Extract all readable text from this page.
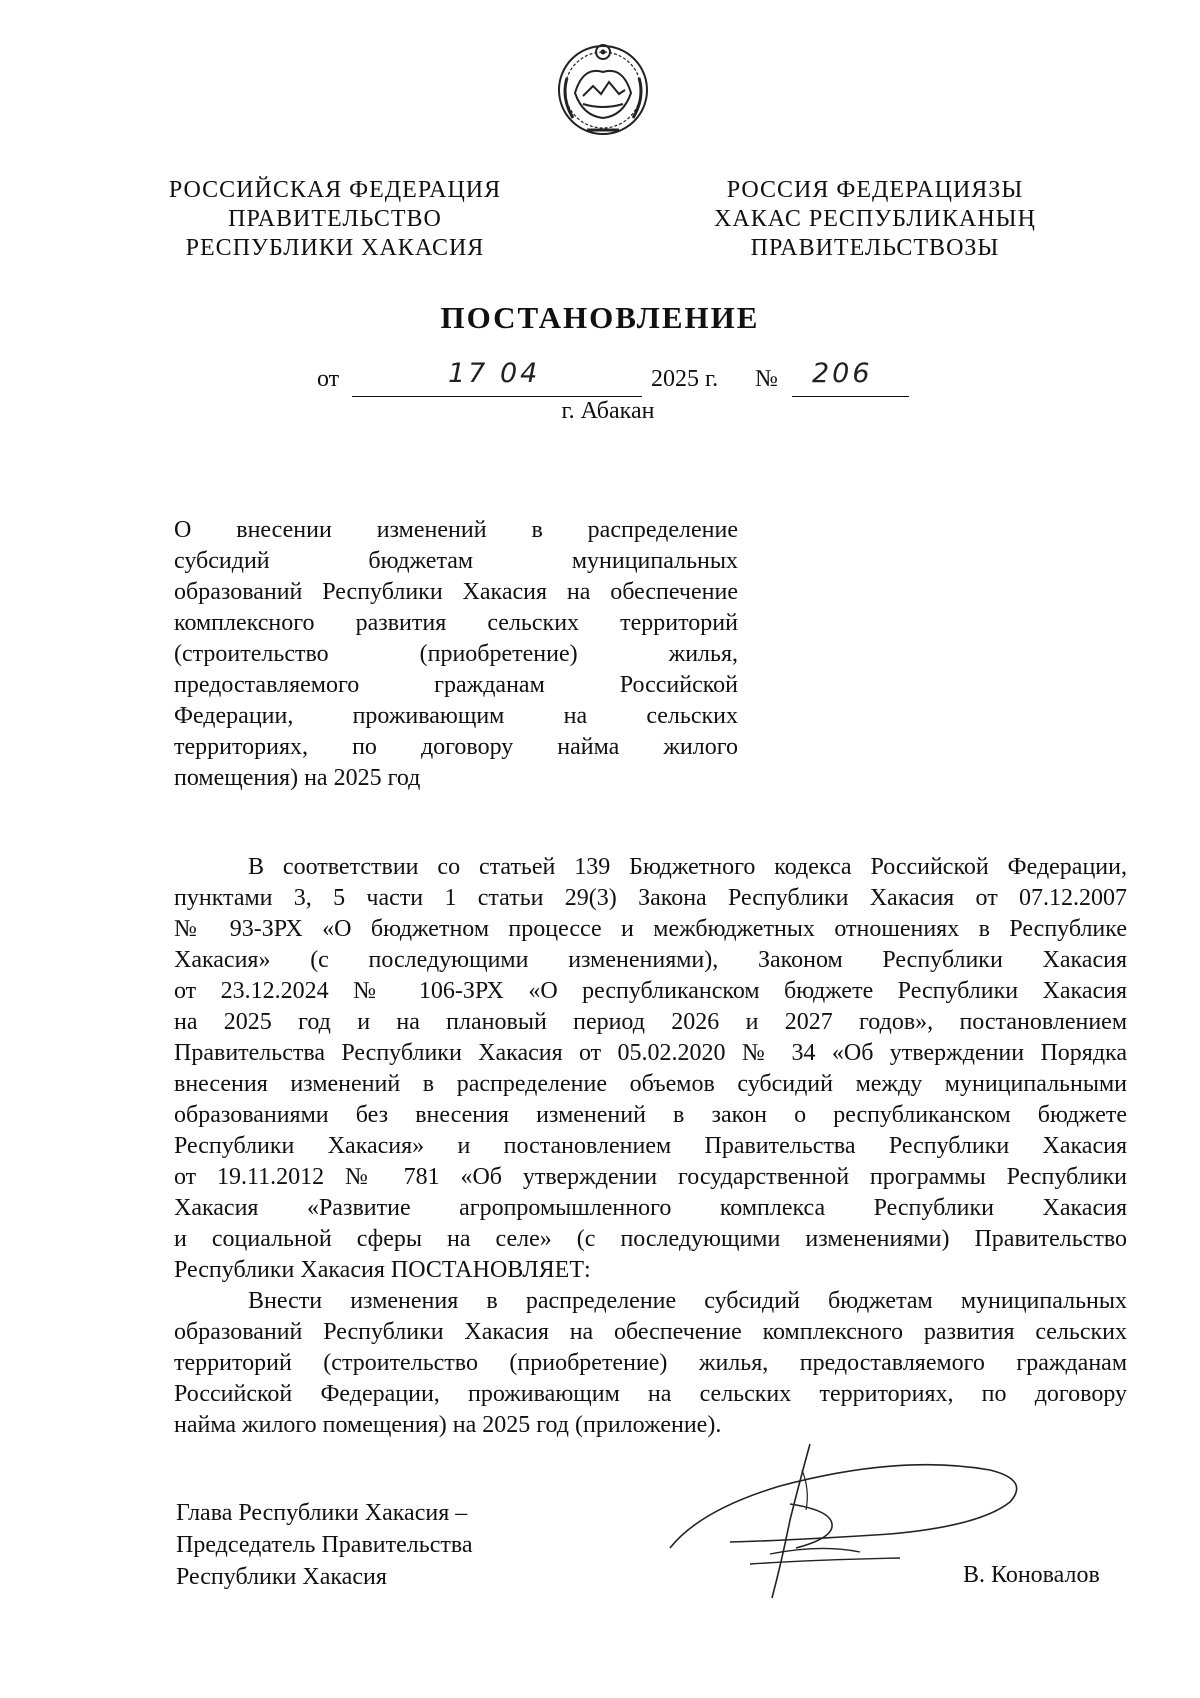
РОССИЙСКАЯ ФЕДЕРАЦИЯ
ПРАВИТЕЛЬСТВО
РЕСПУБЛИКИ ХАКАСИЯ
РОССИЯ ФЕДЕРАЦИЯЗЫ
ХАКАС РЕСПУБЛИКАНЫҢ
ПРАВИТЕЛЬСТВОЗЫ
ПОСТАНОВЛЕНИЕ
от	17 04	2025 г. № 206
г. Абакан
О внесении изменений в распределение
субсидий бюджетам муниципальных
образований Республики Хакасия на обеспечение
комплексного развития сельских территорий
(строительство (приобретение) жилья,
предоставляемого гражданам Российской
Федерации, проживающим на сельских
территориях, по договору найма жилого
помещения) на 2025 год
В соответствии со статьей 139 Бюджетного кодекса Российской Федерации,
пунктами 3, 5 части 1 статьи 29(3) Закона Республики Хакасия от 07.12.2007
№ 93-ЗРХ «О бюджетном процессе и межбюджетных отношениях в Республике
Хакасия» (с последующими изменениями), Законом Республики Хакасия
от 23.12.2024 № 106-ЗРХ «О республиканском бюджете Республики Хакасия
на 2025 год и на плановый период 2026 и 2027 годов», постановлением
Правительства Республики Хакасия от 05.02.2020 № 34 «Об утверждении Порядка
внесения изменений в распределение объемов субсидий между муниципальными
образованиями без внесения изменений в закон о республиканском бюджете
Республики Хакасия» и постановлением Правительства Республики Хакасия
от 19.11.2012 № 781 «Об утверждении государственной программы Республики
Хакасия «Развитие агропромышленного комплекса Республики Хакасия
и социальной сферы на селе» (с последующими изменениями) Правительство
Республики Хакасия ПОСТАНОВЛЯЕТ:
Внести изменения в распределение субсидий бюджетам муниципальных
образований Республики Хакасия на обеспечение комплексного развития сельских
территорий (строительство (приобретение) жилья, предоставляемого гражданам
Российской Федерации, проживающим на сельских территориях, по договору
найма жилого помещения) на 2025 год (приложение).
Глава Республики Хакасия –
Председатель Правительства
Республики Хакасия	В. Коновалов
